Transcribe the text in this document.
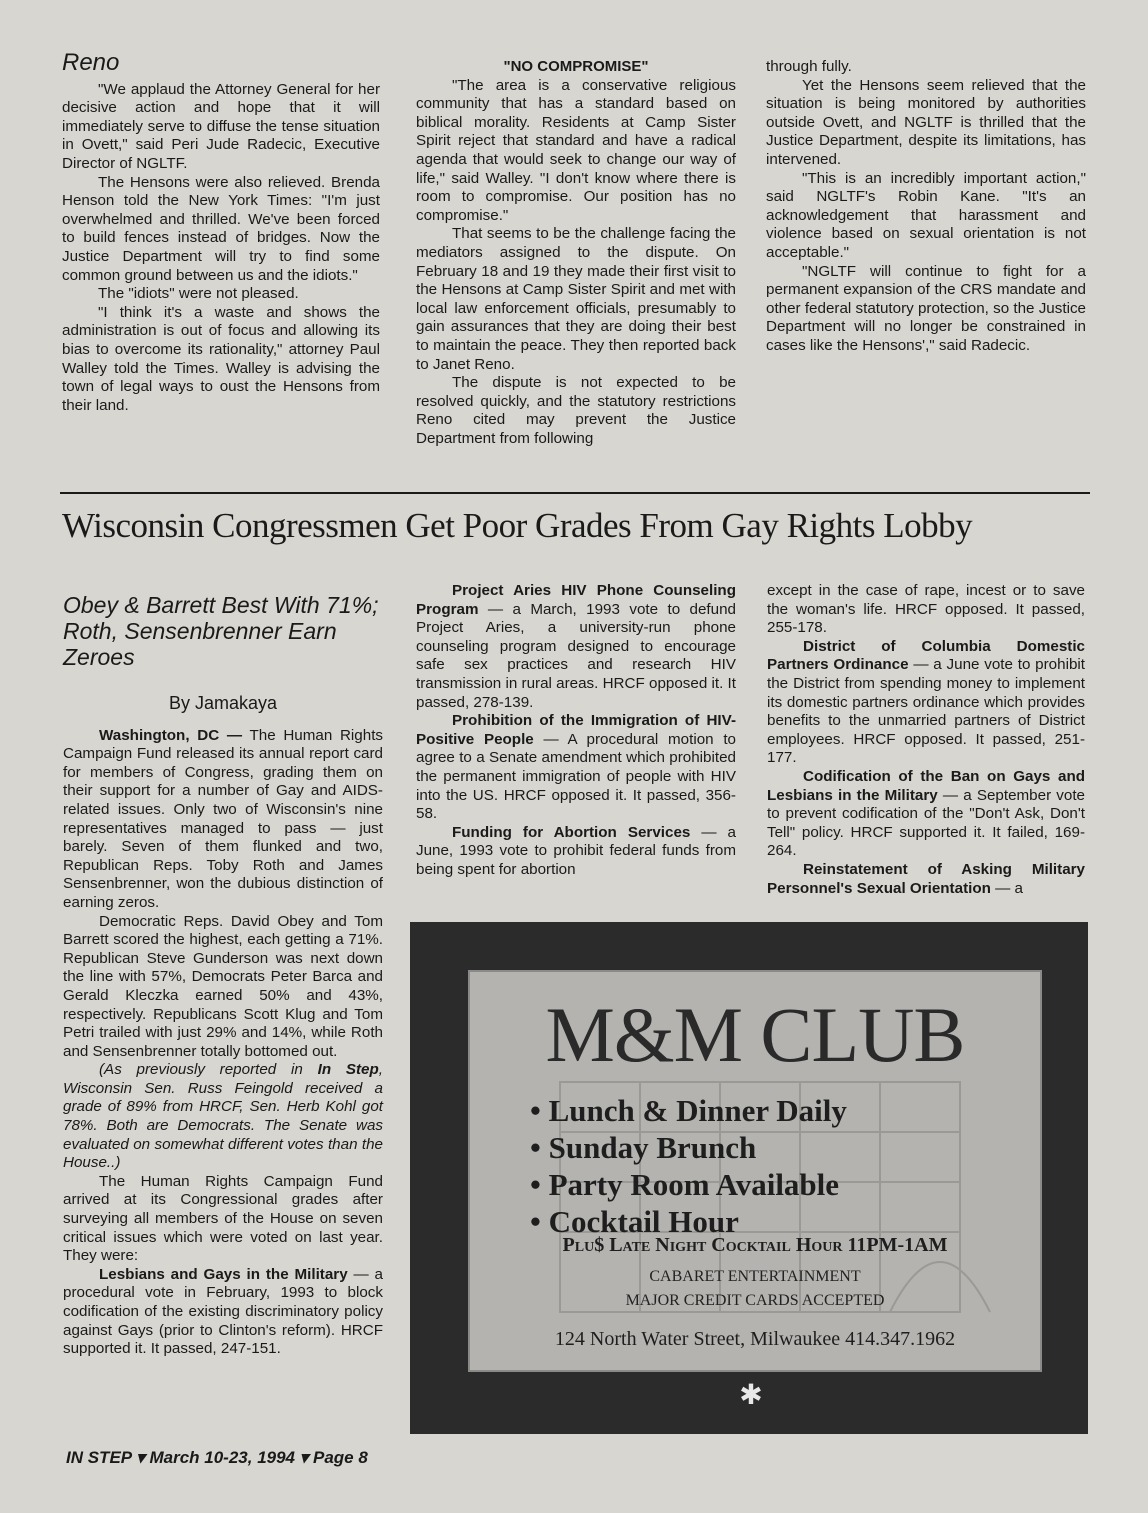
Reno

"We applaud the Attorney General for her decisive action and hope that it will immediately serve to diffuse the tense situation in Ovett," said Peri Jude Radecic, Executive Director of NGLTF.

The Hensons were also relieved. Brenda Henson told the New York Times: "I'm just overwhelmed and thrilled. We've been forced to build fences instead of bridges. Now the Justice Department will try to find some common ground between us and the idiots."

The "idiots" were not pleased.

"I think it's a waste and shows the administration is out of focus and allowing its bias to overcome its rationality," attorney Paul Walley told the Times. Walley is advising the town of legal ways to oust the Hensons from their land.

"NO COMPROMISE"

"The area is a conservative religious community that has a standard based on biblical morality. Residents at Camp Sister Spirit reject that standard and have a radical agenda that would seek to change our way of life," said Walley. "I don't know where there is room to compromise. Our position has no compromise."

That seems to be the challenge facing the mediators assigned to the dispute. On February 18 and 19 they made their first visit to the Hensons at Camp Sister Spirit and met with local law enforcement officials, presumably to gain assurances that they are doing their best to maintain the peace. They then reported back to Janet Reno.

The dispute is not expected to be resolved quickly, and the statutory restrictions Reno cited may prevent the Justice Department from following

through fully.

Yet the Hensons seem relieved that the situation is being monitored by authorities outside Ovett, and NGLTF is thrilled that the Justice Department, despite its limitations, has intervened.

"This is an incredibly important action," said NGLTF's Robin Kane. "It's an acknowledgement that harassment and violence based on sexual orientation is not acceptable."

"NGLTF will continue to fight for a permanent expansion of the CRS mandate and other federal statutory protection, so the Justice Department will no longer be constrained in cases like the Hensons'," said Radecic.

Wisconsin Congressmen Get Poor Grades From Gay Rights Lobby
Obey & Barrett Best With 71%; Roth, Sensenbrenner Earn Zeroes
By Jamakaya

Washington, DC — The Human Rights Campaign Fund released its annual report card for members of Congress, grading them on their support for a number of Gay and AIDS-related issues. Only two of Wisconsin's nine representatives managed to pass — just barely. Seven of them flunked and two, Republican Reps. Toby Roth and James Sensenbrenner, won the dubious distinction of earning zeros.

Democratic Reps. David Obey and Tom Barrett scored the highest, each getting a 71%. Republican Steve Gunderson was next down the line with 57%, Democrats Peter Barca and Gerald Kleczka earned 50% and 43%, respectively. Republicans Scott Klug and Tom Petri trailed with just 29% and 14%, while Roth and Sensenbrenner totally bottomed out.

(As previously reported in In Step, Wisconsin Sen. Russ Feingold received a grade of 89% from HRCF, Sen. Herb Kohl got 78%. Both are Democrats. The Senate was evaluated on somewhat different votes than the House..)

The Human Rights Campaign Fund arrived at its Congressional grades after surveying all members of the House on seven critical issues which were voted on last year. They were:

Lesbians and Gays in the Military — a procedural vote in February, 1993 to block codification of the existing discriminatory policy against Gays (prior to Clinton's reform). HRCF supported it. It passed, 247-151.

Project Aries HIV Phone Counseling Program — a March, 1993 vote to defund Project Aries, a university-run phone counseling program designed to encourage safe sex practices and research HIV transmission in rural areas. HRCF opposed it. It passed, 278-139.

Prohibition of the Immigration of HIV-Positive People — A procedural motion to agree to a Senate amendment which prohibited the permanent immigration of people with HIV into the US. HRCF opposed it. It passed, 356-58.

Funding for Abortion Services — a June, 1993 vote to prohibit federal funds from being spent for abortion

except in the case of rape, incest or to save the woman's life. HRCF opposed. It passed, 255-178.

District of Columbia Domestic Partners Ordinance — a June vote to prohibit the District from spending money to implement its domestic partners ordinance which provides benefits to the unmarried partners of District employees. HRCF opposed. It passed, 251-177.

Codification of the Ban on Gays and Lesbians in the Military — a September vote to prevent codification of the "Don't Ask, Don't Tell" policy. HRCF supported it. It failed, 169-264.

Reinstatement of Asking Military Personnel's Sexual Orientation — a

M&M CLUB
• Lunch & Dinner Daily
• Sunday Brunch
• Party Room Available
• Cocktail Hour
Plu$ Late Night Cocktail Hour 11PM-1AM
CABARET ENTERTAINMENT
MAJOR CREDIT CARDS ACCEPTED
124 North Water Street, Milwaukee 414.347.1962
✱
IN STEP ▾ March 10-23, 1994 ▾ Page 8
